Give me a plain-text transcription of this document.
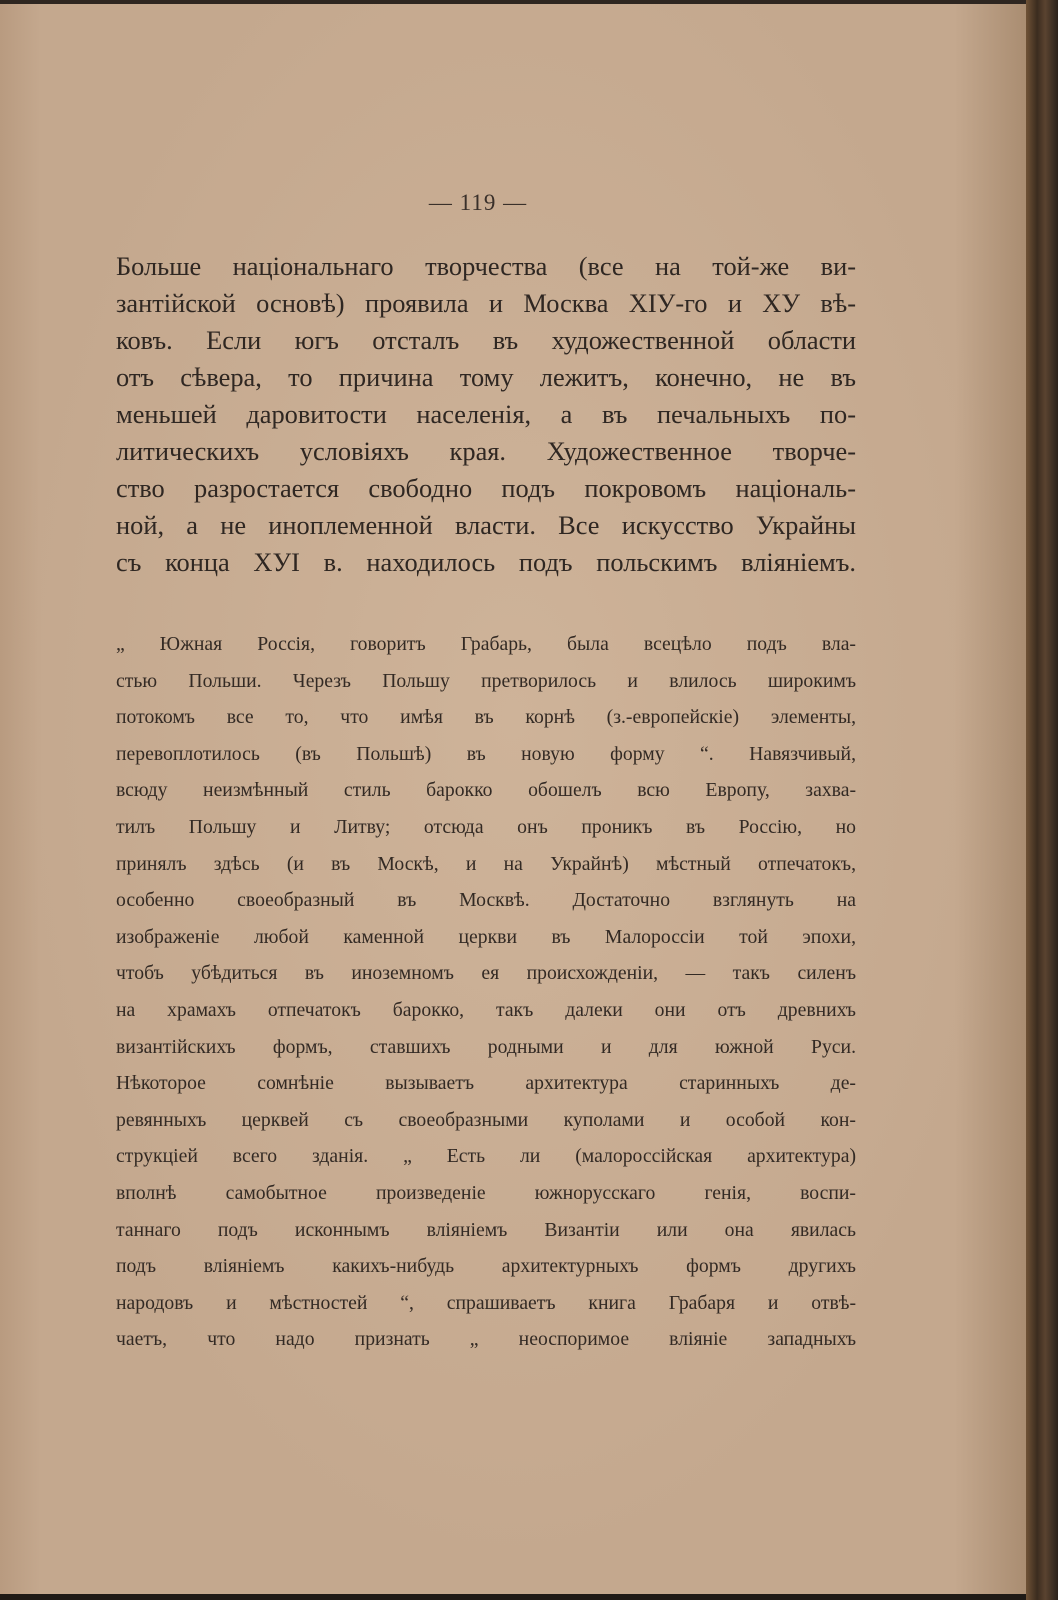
— 119 —
Больше національнаго творчества (все на той-же ви-
зантійской основѣ) проявила и Москва XIУ-го и XУ вѣ-
ковъ. Если югъ отсталъ въ художественной области
отъ сѣвера, то причина тому лежитъ, конечно, не въ
меньшей даровитости населенія, а въ печальныхъ по-
литическихъ условіяхъ края. Художественное творче-
ство разростается свободно подъ покровомъ національ-
ной, а не иноплеменной власти. Все искусство Украйны
съ конца XУI в. находилось подъ польскимъ вліяніемъ.
„ Южная Россія, говоритъ Грабарь, была всецѣло подъ вла-
стью Польши. Черезъ Польшу претворилось и влилось широкимъ
потокомъ все то, что имѣя въ корнѣ (з.-европейскіе) элементы,
перевоплотилось (въ Польшѣ) въ новую форму “. Навязчивый,
всюду неизмѣнный стиль барокко обошелъ всю Европу, захва-
тилъ Польшу и Литву; отсюда онъ проникъ въ Россію, но
принялъ здѣсь (и въ Москѣ, и на Украйнѣ) мѣстный отпечатокъ,
особенно своеобразный въ Москвѣ. Достаточно взглянуть на
изображеніе любой каменной церкви въ Малороссіи той эпохи,
чтобъ убѣдиться въ иноземномъ ея происхожденіи, — такъ силенъ
на храмахъ отпечатокъ барокко, такъ далеки они отъ древнихъ
византійскихъ формъ, ставшихъ родными и для южной Руси.
Нѣкоторое сомнѣніе вызываетъ архитектура старинныхъ де-
ревянныхъ церквей съ своеобразными куполами и особой кон-
струкціей всего зданія. „ Есть ли (малороссійская архитектура)
вполнѣ самобытное произведеніе южнорусскаго генія, воспи-
таннаго подъ исконнымъ вліяніемъ Византіи или она явилась
подъ вліяніемъ какихъ-нибудь архитектурныхъ формъ другихъ
народовъ и мѣстностей “, спрашиваетъ книга Грабаря и отвѣ-
чаетъ, что надо признать „ неоспоримое вліяніе западныхъ
